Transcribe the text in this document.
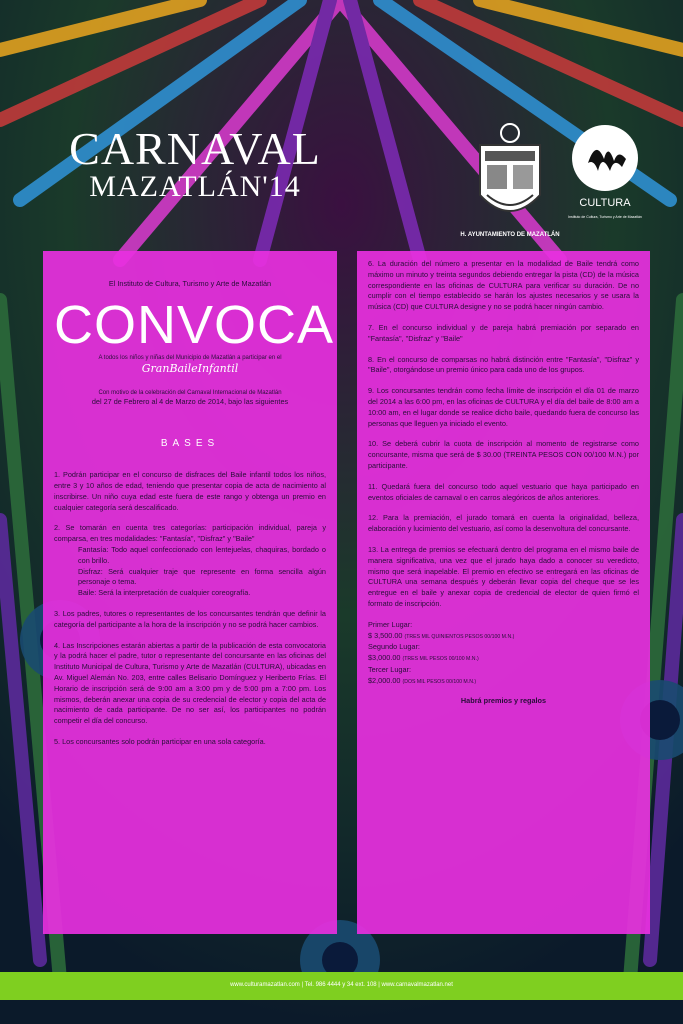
CARNAVAL
MAZATLÁN'14
H. AYUNTAMIENTO DE MAZATLÁN
CULTURA
Instituto de Cultura, Turismo y Arte de Mazatlán
El Instituto de Cultura, Turismo y Arte de Mazatlán
CONVOCA
A todos los niños y niñas del Municipio de Mazatlán a participar en el
GranBaileInfantil
Con motivo de la celebración del Carnaval Internacional de Mazatlán
del 27 de Febrero al 4 de Marzo de 2014, bajo las siguientes
BASES
1. Podrán participar en el concurso de disfraces del Baile infantil todos los niños, entre 3 y 10 años de edad, teniendo que presentar copia de acta de nacimiento al inscribirse. Un niño cuya edad este fuera de este rango y obtenga un premio en cualquier categoría será descalificado.
2. Se tomarán en cuenta tres categorías: participación individual, pareja y comparsa, en tres modalidades: "Fantasía", "Disfraz" y "Baile"
Fantasía: Todo aquel confeccionado con lentejuelas, chaquiras, bordado o con brillo.
Disfraz: Será cualquier traje que represente en forma sencilla algún personaje o tema.
Baile: Será la interpretación de cualquier coreografía.
3. Los padres, tutores o representantes de los concursantes tendrán que definir la categoría del participante a la hora de la inscripción y no se podrá hacer cambios.
4. Las Inscripciones estarán abiertas a partir de la publicación de esta convocatoria y la podrá hacer el padre, tutor o representante del concursante en las oficinas del Instituto Municipal de Cultura, Turismo y Arte de Mazatlán (CULTURA), ubicadas en Av. Miguel Alemán No. 203, entre calles Belisario Domínguez y Heriberto Frías. El Horario de inscripción será de 9:00 am a 3:00 pm y de 5:00 pm a 7:00 pm. Los mismos, deberán anexar una copia de su credencial de elector y copia del acta de nacimiento de cada participante. De no ser así, los participantes no podrán competir el día del concurso.
5. Los concursantes solo podrán participar en una sola categoría.
6. La duración del número a presentar en la modalidad de Baile tendrá como máximo un minuto y treinta segundos debiendo entregar la pista (CD) de la música correspondiente en las oficinas de CULTURA para verificar su duración. De no cumplir con el tiempo establecido se harán los ajustes necesarios y se usara la música (CD) que CULTURA designe y no se podrá hacer ningún cambio.
7. En el concurso individual y de pareja habrá premiación por separado en "Fantasía", "Disfraz" y "Baile"
8. En el concurso de comparsas no habrá distinción entre "Fantasía", "Disfraz" y "Baile", otorgándose un premio único para cada uno de los grupos.
9. Los concursantes tendrán como fecha límite de inscripción el día 01 de marzo del 2014 a las 6:00 pm, en las oficinas de CULTURA y el día del baile de 8:00 am a 10:00 am, en el lugar donde se realice dicho baile, quedando fuera de concurso las personas que lleguen ya iniciado el evento.
10. Se deberá cubrir la cuota de inscripción al momento de registrarse como concursante, misma que será de $ 30.00 (TREINTA PESOS CON 00/100 M.N.) por participante.
11. Quedará fuera del concurso todo aquel vestuario que haya participado en eventos oficiales de carnaval o en carros alegóricos de años anteriores.
12. Para la premiación, el jurado tomará en cuenta la originalidad, belleza, elaboración y lucimiento del vestuario, así como la desenvoltura del concursante.
13. La entrega de premios se efectuará dentro del programa en el mismo baile de manera significativa, una vez que el jurado haya dado a conocer su veredicto, mismo que será inapelable. El premio en efectivo se entregará en las oficinas de CULTURA una semana después y deberán llevar copia del cheque que se les entregue en el baile y anexar copia de credencial de elector de quien firmó el formato de inscripción.
Primer Lugar:
$ 3,500.00 (TRES MIL QUINIENTOS PESOS 00/100 M.N.)
Segundo Lugar:
$3,000.00 (TRES MIL PESOS 00/100 M.N.)
Tercer Lugar:
$2,000.00 (DOS MIL PESOS 00/100 M.N.)
Habrá premios y regalos
www.culturamazatlan.com | Tel. 986 4444 y 34 ext. 108 | www.carnavalmazatlan.net
